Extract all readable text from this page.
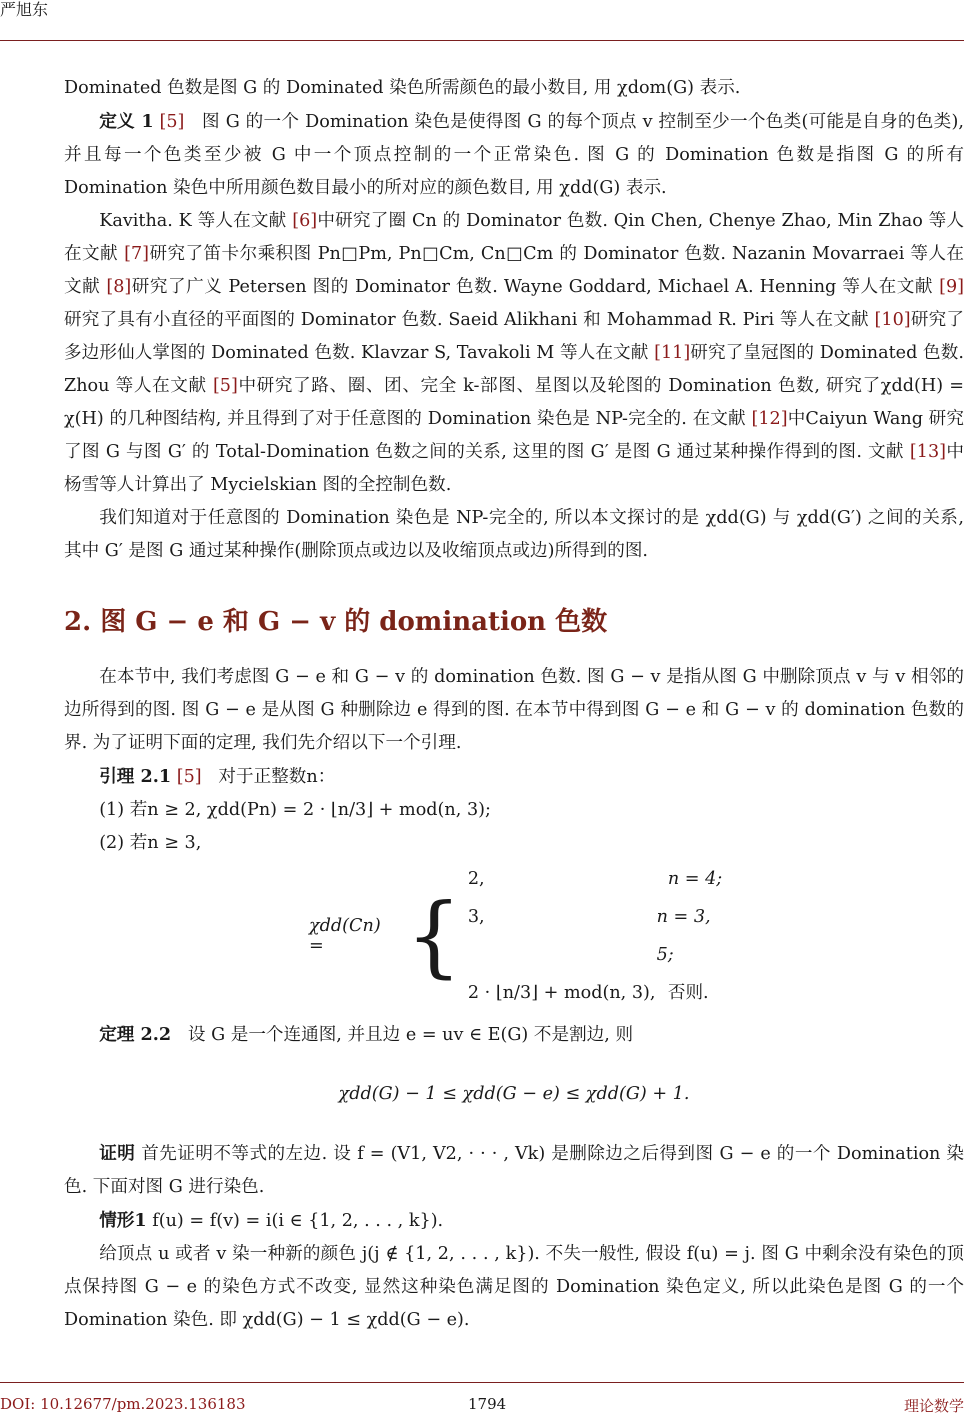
严旭东

Dominated 色数是图 G 的 Dominated 染色所需颜色的最小数目, 用 χdom(G) 表示.

定义 1 [5] 图 G 的一个 Domination 染色是使得图 G 的每个顶点 v 控制至少一个色类(可能是自身的色类), 并且每一个色类至少被 G 中一个顶点控制的一个正常染色. 图 G 的 Domination 色数是指图 G 的所有 Domination 染色中所用颜色数目最小的所对应的颜色数目, 用 χdd(G) 表示.

Kavitha. K 等人在文献 [6]中研究了圈 Cn 的 Dominator 色数. Qin Chen, Chenye Zhao, Min Zhao 等人在文献 [7]研究了笛卡尔乘积图 Pn□Pm, Pn□Cm, Cn□Cm 的 Dominator 色数. Nazanin Movarraei 等人在文献 [8]研究了广义 Petersen 图的 Dominator 色数. Wayne Goddard, Michael A. Henning 等人在文献 [9]研究了具有小直径的平面图的 Dominator 色数. Saeid Alikhani 和 Mohammad R. Piri 等人在文献 [10]研究了多边形仙人掌图的 Dominated 色数. Klavzar S, Tavakoli M 等人在文献 [11]研究了皇冠图的 Dominated 色数. Zhou 等人在文献 [5]中研究了路、圈、团、完全 k-部图、星图以及轮图的 Domination 色数, 研究了χdd(H) = χ(H) 的几种图结构, 并且得到了对于任意图的 Domination 染色是 NP-完全的. 在文献 [12]中Caiyun Wang 研究了图 G 与图 G′ 的 Total-Domination 色数之间的关系, 这里的图 G′ 是图 G 通过某种操作得到的图. 文献 [13]中杨雪等人计算出了 Mycielskian 图的全控制色数.

我们知道对于任意图的 Domination 染色是 NP-完全的, 所以本文探讨的是 χdd(G) 与 χdd(G′) 之间的关系, 其中 G′ 是图 G 通过某种操作(删除顶点或边以及收缩顶点或边)所得到的图.

2. 图 G − e 和 G − v 的 domination 色数

在本节中, 我们考虑图 G − e 和 G − v 的 domination 色数. 图 G − v 是指从图 G 中删除顶点 v 与 v 相邻的边所得到的图. 图 G − e 是从图 G 种删除边 e 得到的图. 在本节中得到图 G − e 和 G − v 的 domination 色数的界. 为了证明下面的定理, 我们先介绍以下一个引理.

引理 2.1 [5] 对于正整数n：

(1) 若n ≥ 2, χdd(Pn) = 2 · ⌊n/3⌋ + mod(n, 3);

(2) 若n ≥ 3,

χdd(Cn) = {
2,	n = 4;
3,	n = 3, 5;
2 · ⌊n/3⌋ + mod(n, 3), 否则.

定理 2.2 设 G 是一个连通图, 并且边 e = uv ∈ E(G) 不是割边, 则

χdd(G) − 1 ≤ χdd(G − e) ≤ χdd(G) + 1.

证明 首先证明不等式的左边. 设 f = (V1, V2, · · · , Vk) 是删除边之后得到图 G − e 的一个 Domination 染色. 下面对图 G 进行染色.

情形1 f(u) = f(v) = i(i ∈ {1, 2, . . . , k}).

给顶点 u 或者 v 染一种新的颜色 j(j ∉ {1, 2, . . . , k}). 不失一般性, 假设 f(u) = j. 图 G 中剩余没有染色的顶点保持图 G − e 的染色方式不改变, 显然这种染色满足图的 Domination 染色定义, 所以此染色是图 G 的一个 Domination 染色. 即 χdd(G) − 1 ≤ χdd(G − e).

DOI: 10.12677/pm.2023.136183	1794	理论数学
